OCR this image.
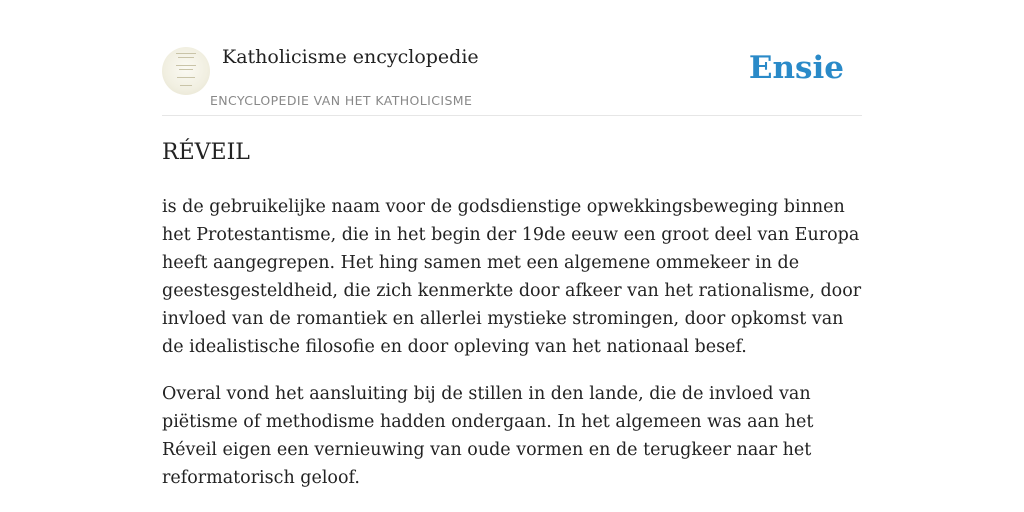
Katholicisme encyclopedie
ENCYCLOPEDIE VAN HET KATHOLICISME
Ensie
RÉVEIL

is de gebruikelijke naam voor de godsdienstige opwekkingsbeweging binnen het Protestantisme, die in het begin der 19de eeuw een groot deel van Europa heeft aangegrepen. Het hing samen met een algemene ommekeer in de geestesgesteldheid, die zich kenmerkte door afkeer van het rationalisme, door invloed van de romantiek en allerlei mystieke stromingen, door opkomst van de idealistische filosofie en door opleving van het nationaal besef.

Overal vond het aansluiting bij de stillen in den lande, die de invloed van piëtisme of methodisme hadden ondergaan. In het algemeen was aan het Réveil eigen een vernieuwing van oude vormen en de terugkeer naar het reformatorisch geloof.
